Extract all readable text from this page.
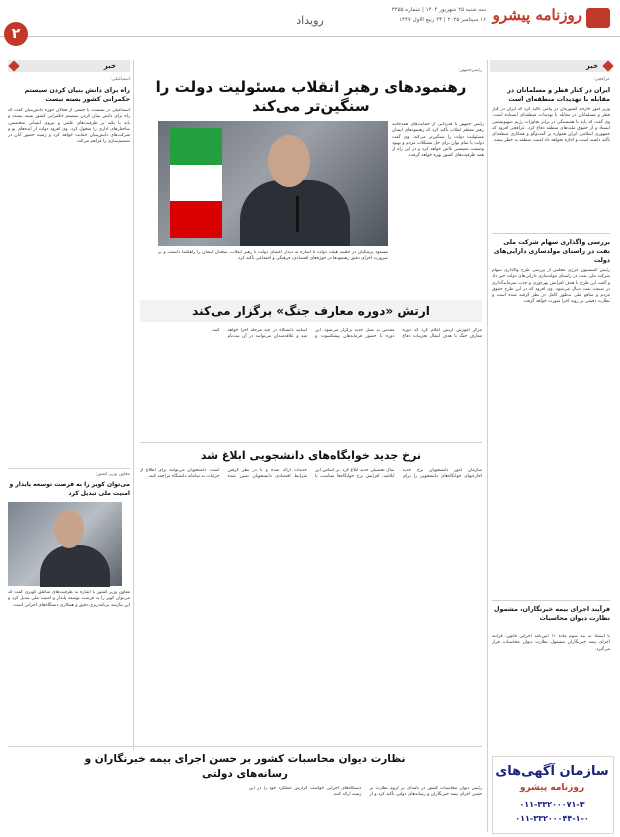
۲
رویداد
سه شنبه ۲۵ شهریور ۱۴۰۴ | شماره ۳۴۵۵
۱۶ سپتامبر ۲۰۲۵ | ۲۳ ربیع الاول ۱۴۴۷ روزنامه پیشرو
خبر
خبر
عراقچی:
ایران در کنار قطر و مسلمانان در مقابله با تهدیدات منطقه‌ای است
وزیر امور خارجه کشورمان در پیامی تاکید کرد که ایران در کنار قطر و مسلمانان در مقابله با تهدیدات منطقه‌ای ایستاده است. وی گفت که باید با همبستگی در برابر تجاوزات رژیم صهیونیستی ایستاد و از حقوق ملت‌های منطقه دفاع کرد. عراقچی افزود که جمهوری اسلامی ایران همواره بر گفت‌وگو و همکاری منطقه‌ای تأکید داشته است و اجازه نخواهد داد امنیت منطقه به خطر بیفتد.
بررسی واگذاری سهام شرکت ملی نفت در راستای مولدسازی دارایی‌های دولت
رئیس کمیسیون انرژی مجلس از بررسی طرح واگذاری سهام شرکت ملی نفت در راستای مولدسازی دارایی‌های دولت خبر داد و گفت این طرح با هدف افزایش بهره‌وری و جذب سرمایه‌گذاری در صنعت نفت دنبال می‌شود. وی افزود که در این طرح حقوق مردم و منافع ملی به‌طور کامل در نظر گرفته شده است و نظارت دقیقی بر روند اجرا صورت خواهد گرفت.
فرآیند اجرای بیمه خبرنگاران، مشمول نظارت دیوان محاسبات
با استناد به بند سوم ماده ۱۱ آیین‌نامه اجرایی قانون، فرآیند اجرای بیمه خبرنگاران مشمول نظارت دیوان محاسبات قرار می‌گیرد.
رئیس‌جمهور:
رهنمودهای رهبر انقلاب مسئولیت دولت را
سنگین‌تر می‌کند
رئیس جمهور با قدردانی از حمایت‌های همه‌جانبه رهبر معظم انقلاب تأکید کرد که رهنمودهای ایشان مسئولیت دولت را سنگین‌تر می‌کند. وی گفت دولت با تمام توان برای حل مشکلات مردم و بهبود وضعیت معیشتی تلاش خواهد کرد و در این راه از همه ظرفیت‌های کشور بهره خواهد گرفت.
مسعود پزشکیان در جلسه هیئت دولت با اشاره به دیدار اعضای دولت با رهبر انقلاب، سخنان ایشان را راهگشا دانست و بر ضرورت اجرای دقیق رهنمودها در حوزه‌های اقتصادی، فرهنگی و اجتماعی تأکید کرد.
ارتش «دوره معارف جنگ» برگزار می‌کند
مرکز آموزش ارتش اعلام کرد که دوره معارف جنگ با هدف انتقال تجربیات دفاع مقدس به نسل جدید برگزار می‌شود. این دوره با حضور فرماندهان پیشکسوت و اساتید دانشگاه در چند مرحله اجرا خواهد شد و علاقه‌مندان می‌توانند در آن ثبت‌نام کنند.
نرخ جدید خوابگاه‌های دانشجویی ابلاغ شد
سازمان امور دانشجویان نرخ جدید اجاره‌بهای خوابگاه‌های دانشجویی را برای سال تحصیلی جدید ابلاغ کرد. بر اساس این ابلاغیه، افزایش نرخ خوابگاه‌ها متناسب با خدمات ارائه شده و با در نظر گرفتن شرایط اقتصادی دانشجویان تعیین شده است. دانشجویان می‌توانند برای اطلاع از جزئیات به سامانه دانشگاه مراجعه کنند.
نظارت دیوان محاسبات کشور بر حسن اجرای بیمه خبرنگاران و
رسانه‌های دولتی
رئیس دیوان محاسبات کشور در نامه‌ای بر لزوم نظارت بر حسن اجرای بیمه خبرنگاران و رسانه‌های دولتی تأکید کرد و از دستگاه‌های اجرایی خواست گزارش عملکرد خود را در این زمینه ارائه کنند.
اسماعیلی:
راه برای دانش بنیان کردن سیستم حکمرانی کشور بسته نیست
اسماعیلی در نشست با جمعی از فعالان حوزه دانش‌بنیان گفت که راه برای دانش بنیان کردن سیستم حکمرانی کشور بسته نیست و باید با تکیه بر ظرفیت‌های علمی و نیروی انسانی متخصص، ساختارهای اداری را متحول کرد. وی افزود دولت از ایده‌های نو و شرکت‌های دانش‌بنیان حمایت خواهد کرد و زمینه حضور آنان در تصمیم‌سازی را فراهم می‌کند.
معاون وزیر کشور:
می‌توان کویر را به فرصت توسعه پایدار و امنیت ملی تبدیل کرد
معاون وزیر کشور با اشاره به ظرفیت‌های مناطق کویری گفت که می‌توان کویر را به فرصت توسعه پایدار و امنیت ملی تبدیل کرد و این نیازمند برنامه‌ریزی دقیق و همکاری دستگاه‌های اجرایی است.
سازمان آگهی‌های
روزنامه پیشرو
۰۱۱-۳۳۲۰۰۰۷۱-۳
۰۱۱-۳۳۲۰۰۰۴۴-۱-۰
